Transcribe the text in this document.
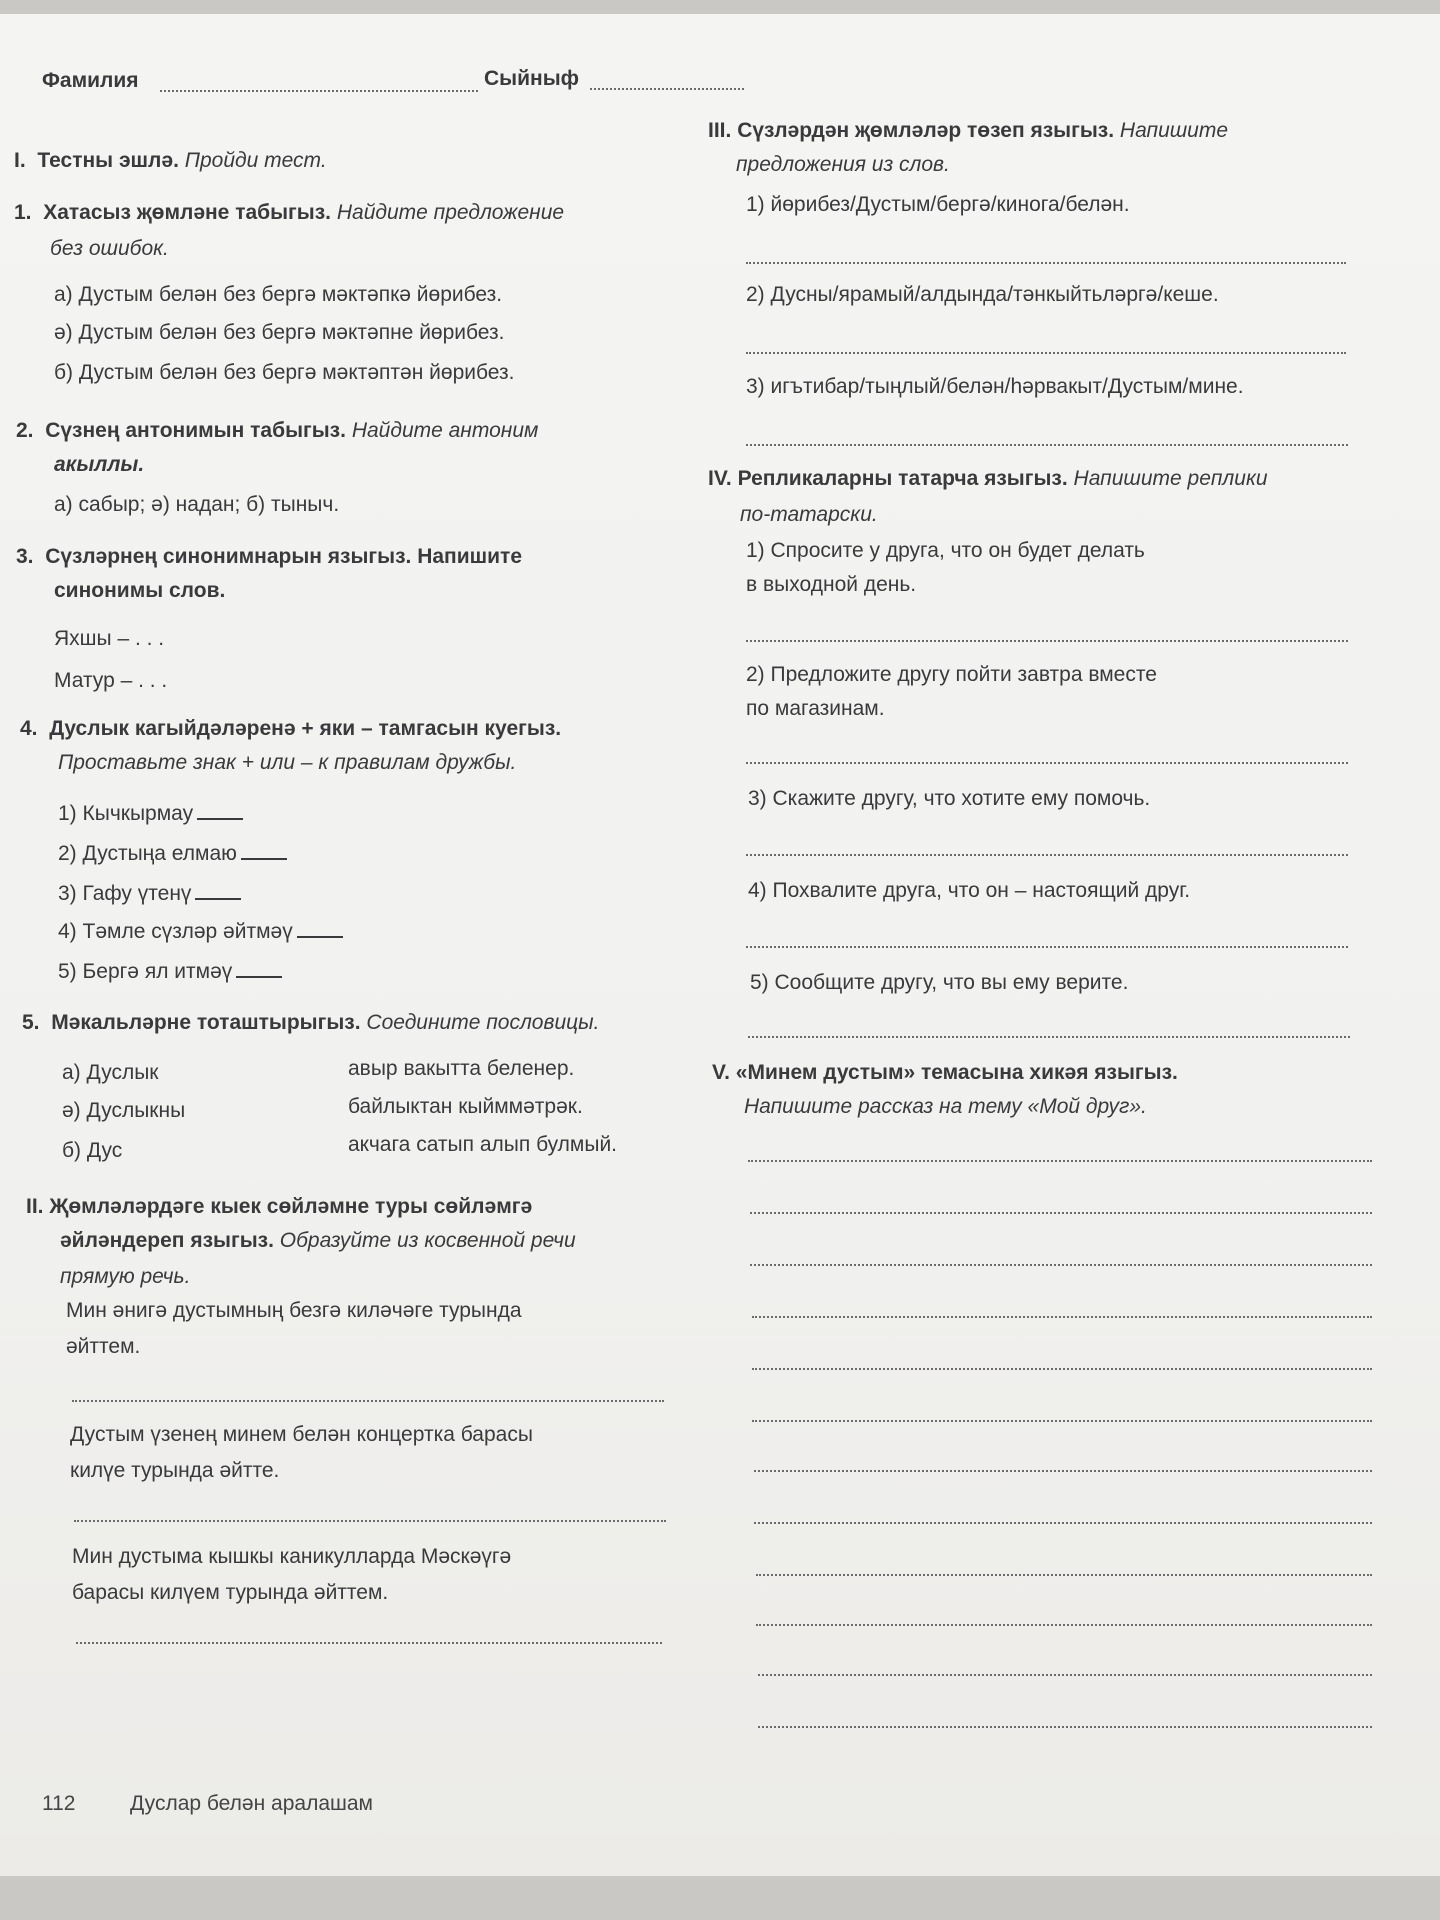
Фамилия	Сыйныф
I. Тестны эшлә. Пройди тест.
1. Хатасыз җөмләне табыгыз. Найдите предложение
без ошибок.
а) Дустым белән без бергә мәктәпкә йөрибез.
ә) Дустым белән без бергә мәктәпне йөрибез.
б) Дустым белән без бергә мәктәптән йөрибез.
2. Сүзнең антонимын табыгыз. Найдите антоним
акыллы.
а) сабыр; ә) надан; б) тыныч.
3. Сүзләрнең синонимнарын языгыз. Напишите
синонимы слов.
Яхшы – . . .
Матур – . . .
4. Дуслык кагыйдәләренә + яки – тамгасын куегыз.
Проставьте знак + или – к правилам дружбы.
1) Кычкырмау
2) Дустыңа елмаю
3) Гафу үтенү
4) Тәмле сүзләр әйтмәү
5) Бергә ял итмәү
5. Мәкальләрне тоташтырыгыз. Соедините пословицы.
а) Дуслык
ә) Дуслыкны
б) Дус
авыр вакытта беленер.
байлыктан кыйммәтрәк.
акчага сатып алып булмый.
II. Җөмләләрдәге кыек сөйләмне туры сөйләмгә
әйләндереп языгыз. Образуйте из косвенной речи
прямую речь.
Мин әнигә дустымның безгә киләчәге турында
әйттем.
Дустым үзенең минем белән концертка барасы
килүе турында әйтте.
Мин дустыма кышкы каникулларда Мәскәүгә
барасы килүем турында әйттем.
III. Сүзләрдән җөмләләр төзеп языгыз. Напишите
предложения из слов.
1) йөрибез/Дустым/бергә/кинога/белән.
2) Дусны/ярамый/алдында/тәнкыйтьләргә/кеше.
3) игътибар/тыңлый/белән/һәрвакыт/Дустым/мине.
IV. Репликаларны татарча языгыз. Напишите реплики
по-татарски.
1) Спросите у друга, что он будет делать
в выходной день.
2) Предложите другу пойти завтра вместе
по магазинам.
3) Скажите другу, что хотите ему помочь.
4) Похвалите друга, что он – настоящий друг.
5) Сообщите другу, что вы ему верите.
V. «Минем дустым» темасына хикәя языгыз.
Напишите рассказ на тему «Мой друг».
112	Дуслар белән аралашам
